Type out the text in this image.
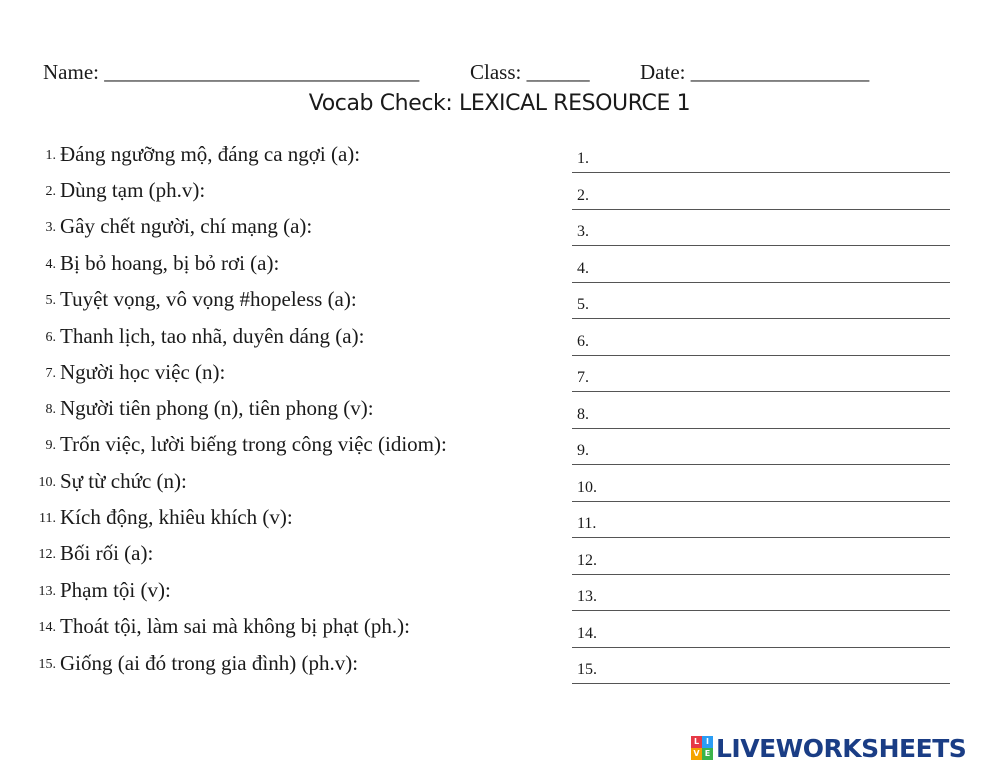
Name: ______________________________ Class: ______ Date: _________________
Vocab Check: LEXICAL RESOURCE 1
1. Đáng ngưỡng mộ, đáng ca ngợi (a):
2. Dùng tạm (ph.v):
3. Gây chết người, chí mạng (a):
4. Bị bỏ hoang, bị bỏ rơi (a):
5. Tuyệt vọng, vô vọng #hopeless (a):
6. Thanh lịch, tao nhã, duyên dáng (a):
7. Người học việc (n):
8. Người tiên phong (n), tiên phong (v):
9. Trốn việc, lười biếng trong công việc (idiom):
10. Sự từ chức (n):
11. Kích động, khiêu khích (v):
12. Bối rối (a):
13. Phạm tội (v):
14. Thoát tội, làm sai mà không bị phạt (ph.):
15. Giống (ai đó trong gia đình) (ph.v):
1.
2.
3.
4.
5.
6.
7.
8.
9.
10.
11.
12.
13.
14.
15.
L I
V E LIVEWORKSHEETS
